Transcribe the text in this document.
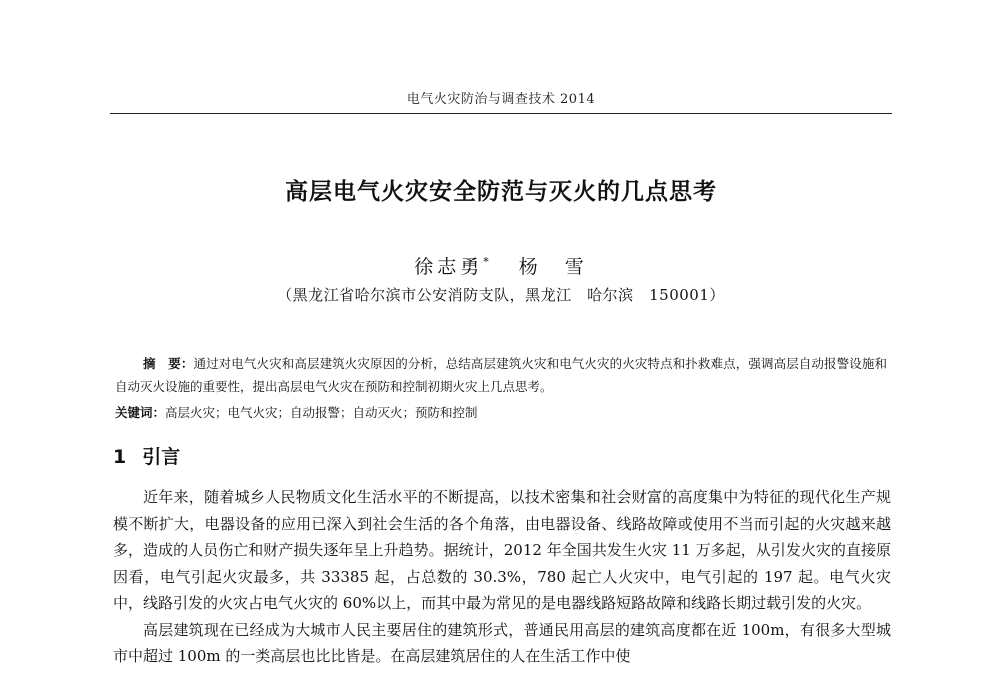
电气火灾防治与调查技术 2014
高层电气火灾安全防范与灭火的几点思考
徐志勇* 杨　雪
（黑龙江省哈尔滨市公安消防支队，黑龙江　哈尔滨　150001）
摘　要：通过对电气火灾和高层建筑火灾原因的分析，总结高层建筑火灾和电气火灾的火灾特点和扑救难点，强调高层自动报警设施和自动灭火设施的重要性，提出高层电气火灾在预防和控制初期火灾上几点思考。
关键词：高层火灾；电气火灾；自动报警；自动灭火；预防和控制
1 引言

近年来，随着城乡人民物质文化生活水平的不断提高，以技术密集和社会财富的高度集中为特征的现代化生产规模不断扩大，电器设备的应用已深入到社会生活的各个角落，由电器设备、线路故障或使用不当而引起的火灾越来越多，造成的人员伤亡和财产损失逐年呈上升趋势。据统计，2012 年全国共发生火灾 11 万多起，从引发火灾的直接原因看，电气引起火灾最多，共 33385 起，占总数的 30.3%，780 起亡人火灾中，电气引起的 197 起。电气火灾中，线路引发的火灾占电气火灾的 60%以上，而其中最为常见的是电器线路短路故障和线路长期过载引发的火灾。

高层建筑现在已经成为大城市人民主要居住的建筑形式，普通民用高层的建筑高度都在近 100m，有很多大型城市中超过 100m 的一类高层也比比皆是。在高层建筑居住的人在生活工作中使
